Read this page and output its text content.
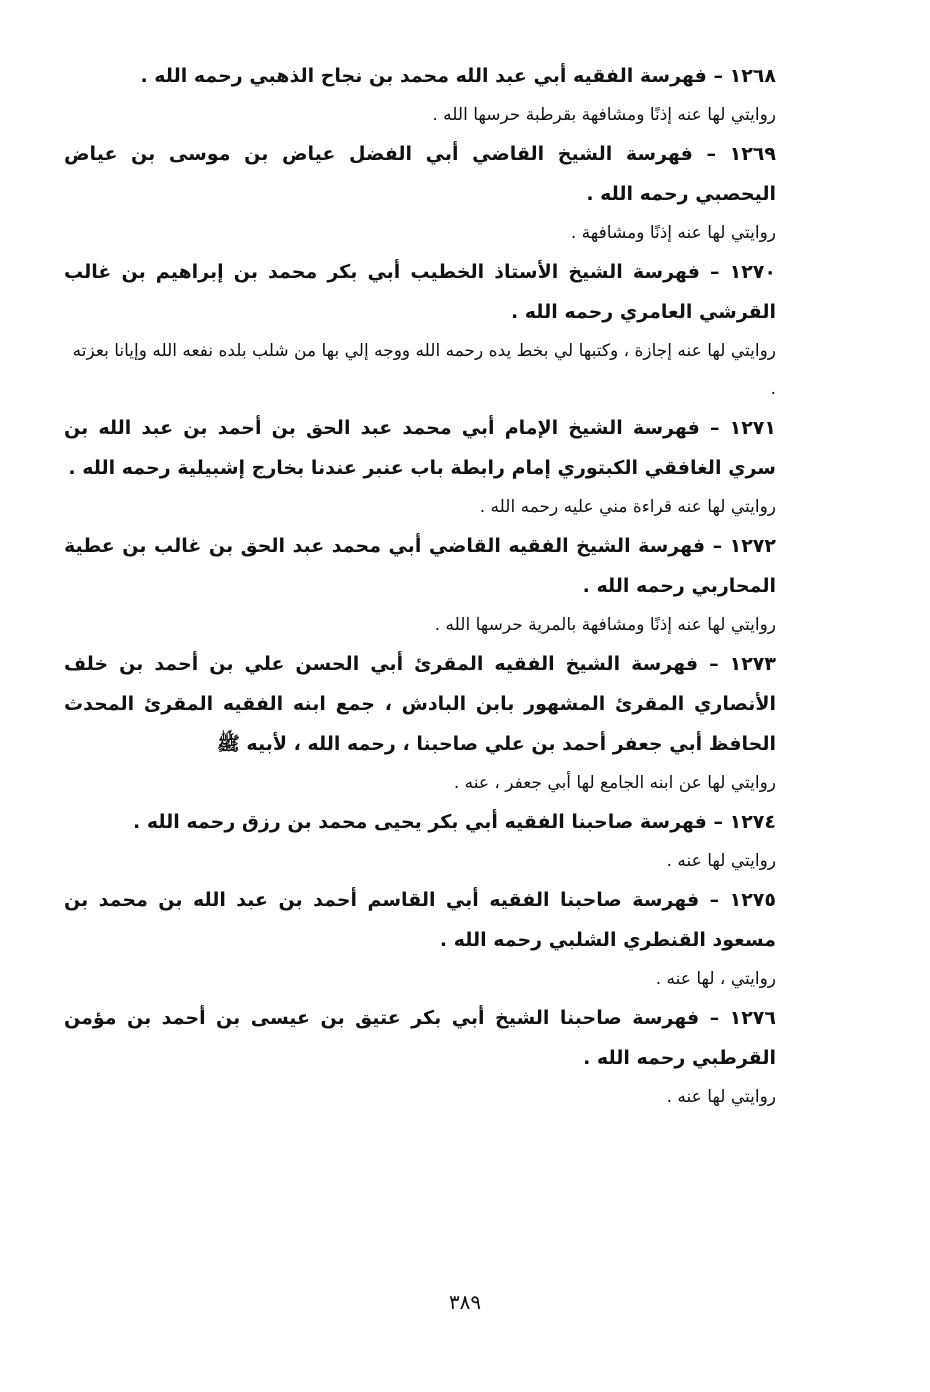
١٢٦٨ – فهرسة الفقيه أبي عبد الله محمد بن نجاح الذهبي رحمه الله .

روايتي لها عنه إذنًا ومشافهة بقرطبة حرسها الله .

١٢٦٩ – فهرسة الشيخ القاضي أبي الفضل عياض بن موسى بن عياض اليحصبي رحمه الله .

روايتي لها عنه إذنًا ومشافهة .

١٢٧٠ – فهرسة الشيخ الأستاذ الخطيب أبي بكر محمد بن إبراهيم بن غالب القرشي العامري رحمه الله .

روايتي لها عنه إجازة ، وكتبها لي بخط يده رحمه الله ووجه إلي بها من شلب بلده نفعه الله وإيانا بعزته .

١٢٧١ – فهرسة الشيخ الإمام أبي محمد عبد الحق بن أحمد بن عبد الله بن سري الغافقي الكبتوري إمام رابطة باب عنبر عندنا بخارج إشبيلية رحمه الله .

روايتي لها عنه قراءة مني عليه رحمه الله .

١٢٧٢ – فهرسة الشيخ الفقيه القاضي أبي محمد عبد الحق بن غالب بن عطية المحاربي رحمه الله .

روايتي لها عنه إذنًا ومشافهة بالمرية حرسها الله .

١٢٧٣ – فهرسة الشيخ الفقيه المقرئ أبي الحسن علي بن أحمد بن خلف الأنصاري المقرئ المشهور بابن البادش ، جمع ابنه الفقيه المقرئ المحدث الحافظ أبي جعفر أحمد بن علي صاحبنا ، رحمه الله ، لأبيه ﷺ

روايتي لها عن ابنه الجامع لها أبي جعفر ، عنه .

١٢٧٤ – فهرسة صاحبنا الفقيه أبي بكر يحيى محمد بن رزق رحمه الله .

روايتي لها عنه .

١٢٧٥ – فهرسة صاحبنا الفقيه أبي القاسم أحمد بن عبد الله بن محمد بن مسعود القنطري الشلبي رحمه الله .

روايتي ، لها عنه .

١٢٧٦ – فهرسة صاحبنا الشيخ أبي بكر عتيق بن عيسى بن أحمد بن مؤمن القرطبي رحمه الله .

روايتي لها عنه .

٣٨٩
